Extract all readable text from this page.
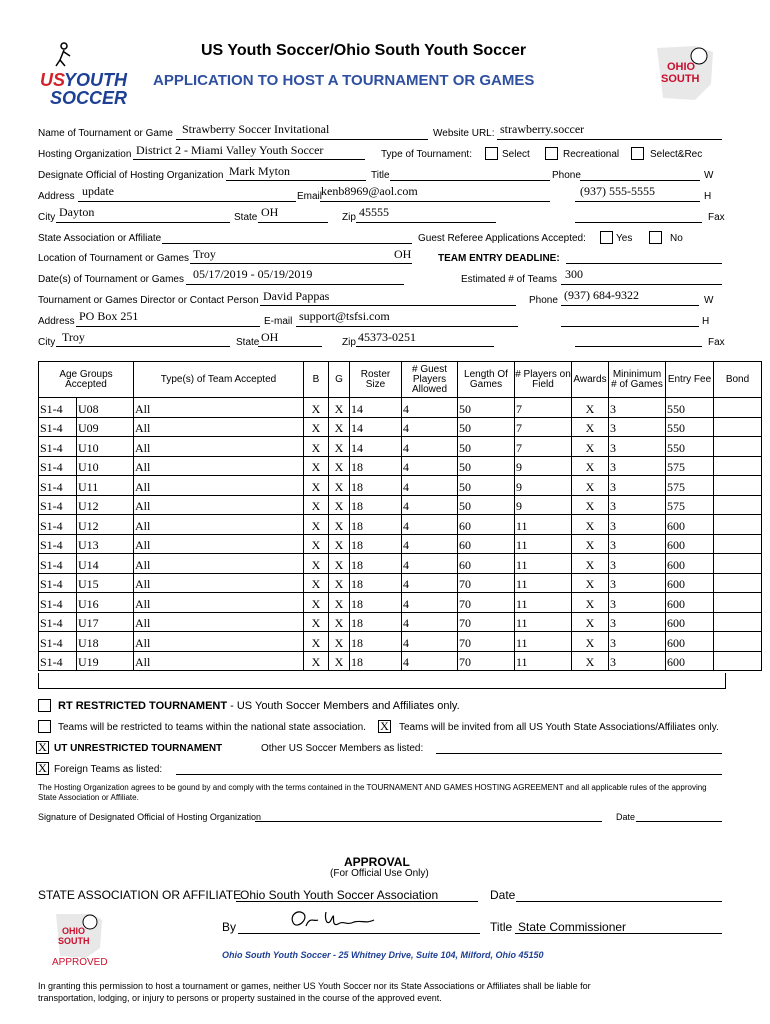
US
YOUTH
SOCCER
OHIO
SOUTH
US Youth Soccer/Ohio South Youth Soccer
APPLICATION TO HOST A TOURNAMENT OR GAMES
Name of Tournament or Game Strawberry Soccer Invitational	Website URL: strawberry.soccer
Hosting Organization District 2 - Miami Valley Youth Soccer	Type of Tournament:	Select	Recreational	Select&Rec
Designate Official of Hosting Organization Mark Myton	Title	Phone	W
Address update	Email
kenb8969@aol.com	(937) 555-5555	H
City Dayton	State OH	Zip 45555	Fax
State Association or Affiliate	Guest Referee Applications Accepted:	Yes	No
Location of Tournament or Games Troy	OH	TEAM ENTRY DEADLINE:
Date(s) of Tournament or Games 05/17/2019 - 05/19/2019	Estimated # of Teams 300
Tournament or Games Director or Contact Person David Pappas	Phone (937) 684-9322	W
Address PO Box 251	E-mail support@tsfsi.com	H
City Troy	State OH	Zip 45373-0251	Fax
Age Groups Accepted		Type(s) of Team Accepted	B	G	Roster Size	# Guest Players Allowed	Length Of Games	# Players on Field	Awards	Mininimum # of Games	Entry Fee	Bond
S1-4	U08	All	X	X	14	4	50	7	X	3	550	
S1-4	U09	All	X	X	14	4	50	7	X	3	550	
S1-4	U10	All	X	X	14	4	50	7	X	3	550	
S1-4	U10	All	X	X	18	4	50	9	X	3	575	
S1-4	U11	All	X	X	18	4	50	9	X	3	575	
S1-4	U12	All	X	X	18	4	50	9	X	3	575	
S1-4	U12	All	X	X	18	4	60	11	X	3	600	
S1-4	U13	All	X	X	18	4	60	11	X	3	600	
S1-4	U14	All	X	X	18	4	60	11	X	3	600	
S1-4	U15	All	X	X	18	4	70	11	X	3	600	
S1-4	U16	All	X	X	18	4	70	11	X	3	600	
S1-4	U17	All	X	X	18	4	70	11	X	3	600	
S1-4	U18	All	X	X	18	4	70	11	X	3	600	
S1-4	U19	All	X	X	18	4	70	11	X	3	600	
RT RESTRICTED TOURNAMENT - US Youth Soccer Members and Affiliates only.
Teams will be restricted to teams within the national state association. X Teams will be invited from all US Youth State Associations/Affiliates only.
X UT UNRESTRICTED TOURNAMENT	Other US Soccer Members as listed:
X Foreign Teams as listed:
The Hosting Organization agrees to be gound by and comply with the terms contained in the TOURNAMENT AND GAMES HOSTING AGREEMENT and all applicable rules of the approving State Association or Affiliate.
Signature of Designated Official of Hosting Organization	Date
APPROVAL
(For Official Use Only)
STATE ASSOCIATION OR AFFILIATE
Ohio South Youth Soccer Association	Date
OHIO
SOUTH
APPROVED
By	Title State Commissioner
Ohio South Youth Soccer - 25 Whitney Drive, Suite 104, Milford, Ohio 45150
In granting this permission to host a tournament or games, neither US Youth Soccer nor its State Associations or Affiliates shall be liable for transportation, lodging, or injury to persons or property sustained in the course of the approved event.
